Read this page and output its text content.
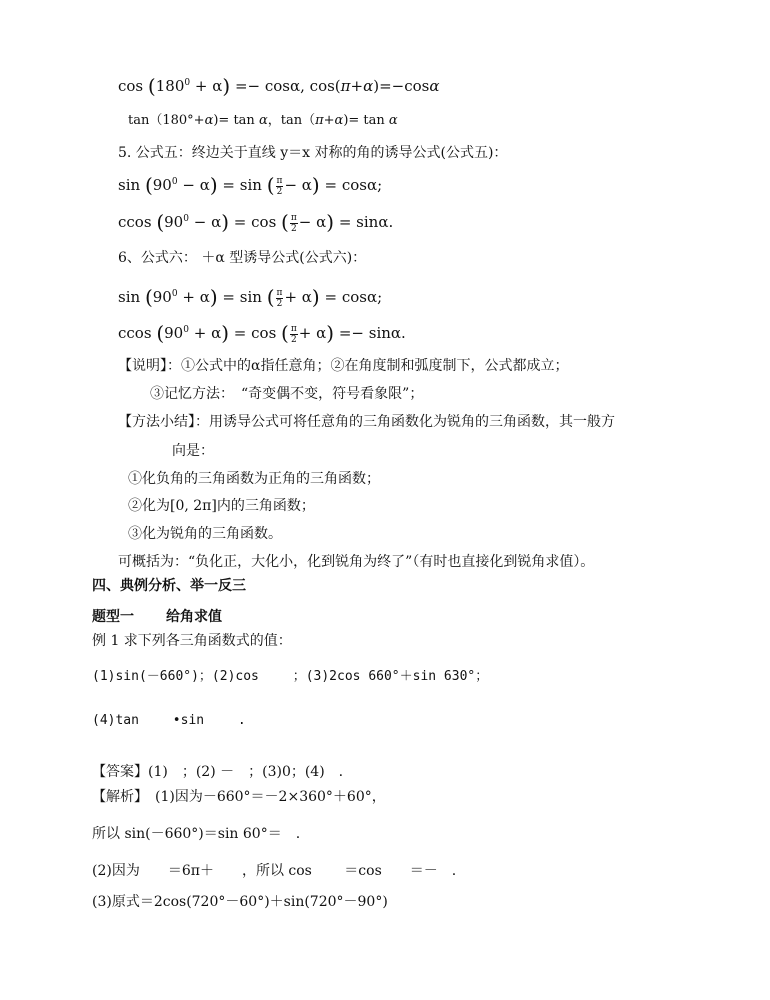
$\cos (180^0 + \alpha) =- \cos\alpha$, cos(π+α)=−cosα
tan（180°+α)= tan α，tan（π+α)= tan α
5. 公式五：终边关于直线 y＝x 对称的角的诱导公式(公式五)：
$\sin (90^0 - \alpha) = \sin$ ( $\frac{\pi}{2} - \alpha) = \cos\alpha$;
ccos $(90^0 - \alpha) = \cos$ ( $\frac{\pi}{2} - \alpha) = \sin\alpha$.
6、公式六： ＋α 型诱导公式(公式六)：
$\sin (90^0 + \alpha) = \sin$ ( $\frac{\pi}{2} + \alpha) = \cos\alpha$;
ccos $(90^0 + \alpha) = \cos$ ( $\frac{\pi}{2} + \alpha) =- \sin\alpha$.
【说明】：①公式中的α指任意角；②在角度制和弧度制下，公式都成立；
③记忆方法：　“奇变偶不变，符号看象限”；
【方法小结】：用诱导公式可将任意角的三角函数化为锐角的三角函数，其一般方
向是：
①化负角的三角函数为正角的三角函数；
②化为[0, 2π]内的三角函数；
③化为锐角的三角函数。
可概括为：“负化正，大化小，化到锐角为终了”（有时也直接化到锐角求值）。
四、典例分析、举一反三
题型一 给角求值
例 1 求下列各三角函数式的值：
(1)sin(－660°)；(2)cos 　　；(3)2cos 660°＋sin 630°；
(4)tan 　　•sin 　　.
【答案】(1)　；(2) －　；(3)0；(4)　.
【解析】　(1)因为－660°＝－2×360°＋60°，
所以 sin(－660°)＝sin 60°＝　.
(2)因为　　＝6π＋　　，所以 cos　　 ＝cos　　＝－　.
(3)原式＝2cos(720°－60°)＋sin(720°－90°)
